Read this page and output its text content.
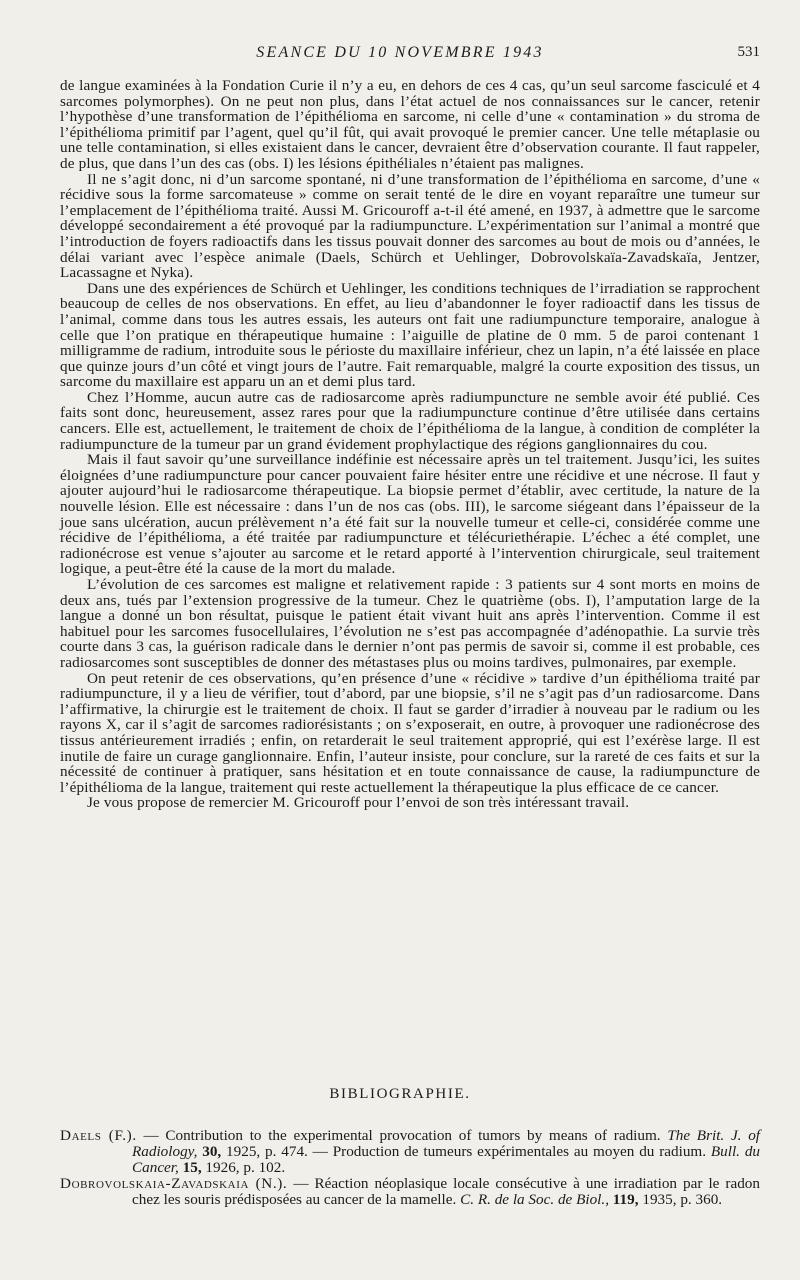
SEANCE DU 10 NOVEMBRE 1943	531

de langue examinées à la Fondation Curie il n’y a eu, en dehors de ces 4 cas, qu’un seul sarcome fasciculé et 4 sarcomes polymorphes). On ne peut non plus, dans l’état actuel de nos connaissances sur le cancer, retenir l’hypothèse d’une transformation de l’épithélioma en sarcome, ni celle d’une « contamination » du stroma de l’épithélioma primitif par l’agent, quel qu’il fût, qui avait provoqué le premier cancer. Une telle métaplasie ou une telle contamination, si elles existaient dans le cancer, devraient être d’observation courante. Il faut rappeler, de plus, que dans l’un des cas (obs. I) les lésions épithéliales n’étaient pas malignes.

Il ne s’agit donc, ni d’un sarcome spontané, ni d’une transformation de l’épithélioma en sarcome, d’une « récidive sous la forme sarcomateuse » comme on serait tenté de le dire en voyant reparaître une tumeur sur l’emplacement de l’épithélioma traité. Aussi M. Gricouroff a-t-il été amené, en 1937, à admettre que le sarcome développé secondairement a été provoqué par la radiumpuncture. L’expérimentation sur l’animal a montré que l’introduction de foyers radioactifs dans les tissus pouvait donner des sarcomes au bout de mois ou d’années, le délai variant avec l’espèce animale (Daels, Schürch et Uehlinger, Dobrovolskaïa-Zavadskaïa, Jentzer, Lacassagne et Nyka).

Dans une des expériences de Schürch et Uehlinger, les conditions techniques de l’irradiation se rapprochent beaucoup de celles de nos observations. En effet, au lieu d’abandonner le foyer radioactif dans les tissus de l’animal, comme dans tous les autres essais, les auteurs ont fait une radiumpuncture temporaire, analogue à celle que l’on pratique en thérapeutique humaine : l’aiguille de platine de 0 mm. 5 de paroi contenant 1 milligramme de radium, introduite sous le périoste du maxillaire inférieur, chez un lapin, n’a été laissée en place que quinze jours d’un côté et vingt jours de l’autre. Fait remarquable, malgré la courte exposition des tissus, un sarcome du maxillaire est apparu un an et demi plus tard.

Chez l’Homme, aucun autre cas de radiosarcome après radiumpuncture ne semble avoir été publié. Ces faits sont donc, heureusement, assez rares pour que la radiumpuncture continue d’être utilisée dans certains cancers. Elle est, actuellement, le traitement de choix de l’épithélioma de la langue, à condition de compléter la radiumpuncture de la tumeur par un grand évidement prophylactique des régions ganglionnaires du cou.

Mais il faut savoir qu’une surveillance indéfinie est nécessaire après un tel traitement. Jusqu’ici, les suites éloignées d’une radiumpuncture pour cancer pouvaient faire hésiter entre une récidive et une nécrose. Il faut y ajouter aujourd’hui le radiosarcome thérapeutique. La biopsie permet d’établir, avec certitude, la nature de la nouvelle lésion. Elle est nécessaire : dans l’un de nos cas (obs. III), le sarcome siégeant dans l’épaisseur de la joue sans ulcération, aucun prélèvement n’a été fait sur la nouvelle tumeur et celle-ci, considérée comme une récidive de l’épithélioma, a été traitée par radiumpuncture et télécuriethérapie. L’échec a été complet, une radionécrose est venue s’ajouter au sarcome et le retard apporté à l’intervention chirurgicale, seul traitement logique, a peut-être été la cause de la mort du malade.

L’évolution de ces sarcomes est maligne et relativement rapide : 3 patients sur 4 sont morts en moins de deux ans, tués par l’extension progressive de la tumeur. Chez le quatrième (obs. I), l’amputation large de la langue a donné un bon résultat, puisque le patient était vivant huit ans après l’intervention. Comme il est habituel pour les sarcomes fusocellulaires, l’évolution ne s’est pas accompagnée d’adénopathie. La survie très courte dans 3 cas, la guérison radicale dans le dernier n’ont pas permis de savoir si, comme il est probable, ces radiosarcomes sont susceptibles de donner des métastases plus ou moins tardives, pulmonaires, par exemple.

On peut retenir de ces observations, qu’en présence d’une « récidive » tardive d’un épithélioma traité par radiumpuncture, il y a lieu de vérifier, tout d’abord, par une biopsie, s’il ne s’agit pas d’un radiosarcome. Dans l’affirmative, la chirurgie est le traitement de choix. Il faut se garder d’irradier à nouveau par le radium ou les rayons X, car il s’agit de sarcomes radiorésistants ; on s’exposerait, en outre, à provoquer une radionécrose des tissus antérieurement irradiés ; enfin, on retarderait le seul traitement approprié, qui est l’exérèse large. Il est inutile de faire un curage ganglionnaire. Enfin, l’auteur insiste, pour conclure, sur la rareté de ces faits et sur la nécessité de continuer à pratiquer, sans hésitation et en toute connaissance de cause, la radiumpuncture de l’épithélioma de la langue, traitement qui reste actuellement la thérapeutique la plus efficace de ce cancer.

Je vous propose de remercier M. Gricouroff pour l’envoi de son très intéressant travail.

BIBLIOGRAPHIE.

Daels (F.). — Contribution to the experimental provocation of tumors by means of radium. The Brit. J. of Radiology, 30, 1925, p. 474. — Production de tumeurs expérimentales au moyen du radium. Bull. du Cancer, 15, 1926, p. 102.

Dobrovolskaia-Zavadskaia (N.). — Réaction néoplasique locale consécutive à une irradiation par le radon chez les souris prédisposées au cancer de la mamelle. C. R. de la Soc. de Biol., 119, 1935, p. 360.
